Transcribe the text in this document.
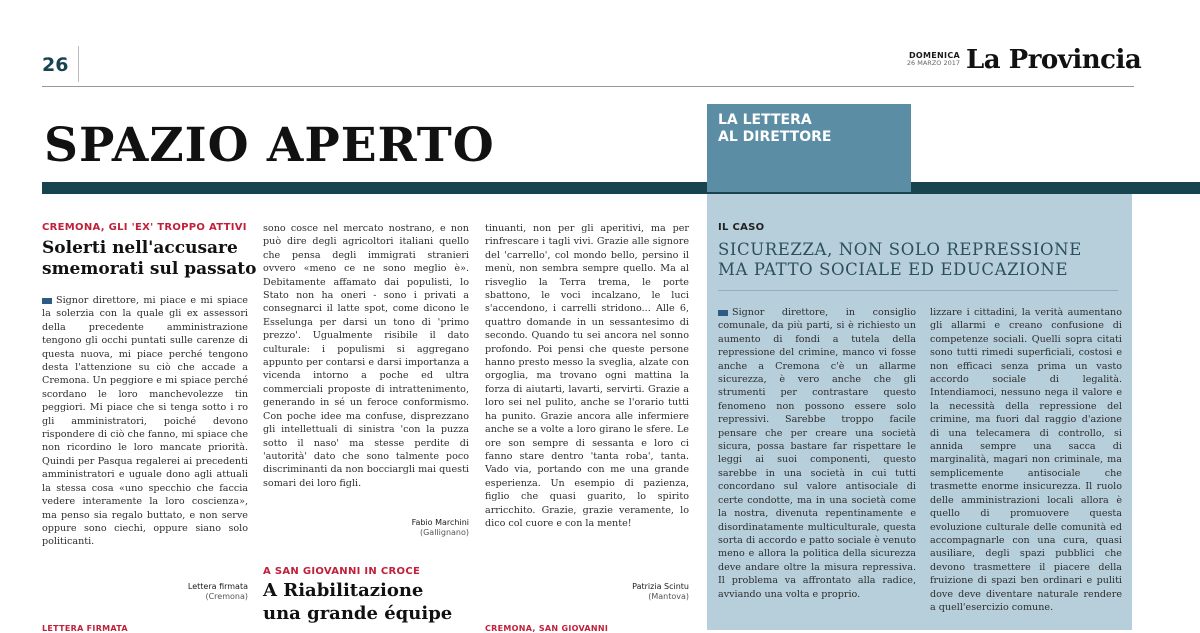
26	DOMENICA
26 MARZO 2017 La Provincia
SPAZIO APERTO	LA LETTERA
AL DIRETTORE
IL CASO
SICUREZZA, NON SOLO REPRESSIONE
MA PATTO SOCIALE ED EDUCAZIONE
Signor direttore, in consiglio comunale, da più parti, si è richiesto un aumento di fondi a tutela della repressione del crimine, manco vi fosse anche a Cremona c'è un allarme sicurezza, è vero anche che gli strumenti per contrastare questo fenomeno non possono essere solo repressivi. Sarebbe troppo facile pensare che per creare una società sicura, possa bastare far rispettare le leggi ai suoi componenti, questo sarebbe in una società in cui tutti concordano sul valore antisociale di certe condotte, ma in una società come la nostra, divenuta repentinamente e disordinatamente multiculturale, questa sorta di accordo e patto sociale è venuto meno e allora la politica della sicurezza deve andare oltre la misura repressiva. Il problema va affrontato alla radice, avviando una volta e proprio.
lizzare i cittadini, la verità aumentano gli allarmi e creano confusione di competenze sociali. Quelli sopra citati sono tutti rimedi superficiali, costosi e non efficaci senza prima un vasto accordo sociale di legalità. Intendiamoci, nessuno nega il valore e la necessità della repressione del crimine, ma fuori dal raggio d'azione di una telecamera di controllo, si annida sempre una sacca di marginalità, magari non criminale, ma semplicemente antisociale che trasmette enorme insicurezza. Il ruolo delle amministrazioni locali allora è quello di promuovere questa evoluzione culturale delle comunità ed accompagnarle con una cura, quasi ausiliare, degli spazi pubblici che devono trasmettere il piacere della fruizione di spazi ben ordinari e puliti dove deve diventare naturale rendere a quell'esercizio comune.
CREMONA, GLI 'EX' TROPPO ATTIVI
Solerti nell'accusare
smemorati sul passato
Signor direttore, mi piace e mi spiace la solerzia con la quale gli ex assessori della precedente amministrazione tengono gli occhi puntati sulle carenze di questa nuova, mi piace perché tengono desta l'attenzione su ciò che accade a Cremona. Un peggiore e mi spiace perché scordano le loro manchevolezze tin peggiori. Mi piace che si tenga sotto i ro gli amministratori, poiché devono rispondere di ciò che fanno, mi spiace che non ricordino le loro mancate priorità. Quindi per Pasqua regalerei ai precedenti amministratori e uguale dono agli attuali la stessa cosa «uno specchio che faccia vedere interamente la loro coscienza», ma penso sia regalo buttato, e non serve oppure sono ciechi, oppure siano solo politicanti.
Lettera firmata
(Cremona)
sono cosce nel mercato nostrano, e non può dire degli agricoltori italiani quello che pensa degli immigrati stranieri ovvero «meno ce ne sono meglio è». Debitamente affamato dai populisti, lo Stato non ha oneri - sono i privati a consegnarci il latte spot, come dicono le Esselunga per darsi un tono di 'primo prezzo'. Ugualmente risibile il dato culturale: i populismi si aggregano appunto per contarsi e darsi importanza a vicenda intorno a poche ed ultra commerciali proposte di intrattenimento, generando in sé un feroce conformismo. Con poche idee ma confuse, disprezzano gli intellettuali di sinistra 'con la puzza sotto il naso' ma stesse perdite di 'autorità' dato che sono talmente poco discriminanti da non bocciargli mai questi somari dei loro figli.
Fabio Marchini
(Gallignano)
A SAN GIOVANNI IN CROCE
A Riabilitazione
una grande équipe
tinuanti, non per gli aperitivi, ma per rinfrescare i tagli vivi. Grazie alle signore del 'carrello', col mondo bello, persino il menù, non sembra sempre quello. Ma al risveglio la Terra trema, le porte sbattono, le voci incalzano, le luci s'accendono, i carrelli stridono... Alle 6, quattro domande in un sessantesimo di secondo. Quando tu sei ancora nel sonno profondo. Poi pensi che queste persone hanno presto messo la sveglia, alzate con orgoglia, ma trovano ogni mattina la forza di aiutarti, lavarti, servirti. Grazie a loro sei nel pulito, anche se l'orario tutti ha punito. Grazie ancora alle infermiere anche se a volte a loro girano le sfere. Le ore son sempre di sessanta e loro ci fanno stare dentro 'tanta roba', tanta. Vado via, portando con me una grande esperienza. Un esempio di pazienza, figlio che quasi guarito, lo spirito arricchito. Grazie, grazie veramente, lo dico col cuore e con la mente!
Patrizia Scintu
(Mantova)
LETTERA FIRMATA	CREMONA, SAN GIOVANNI
